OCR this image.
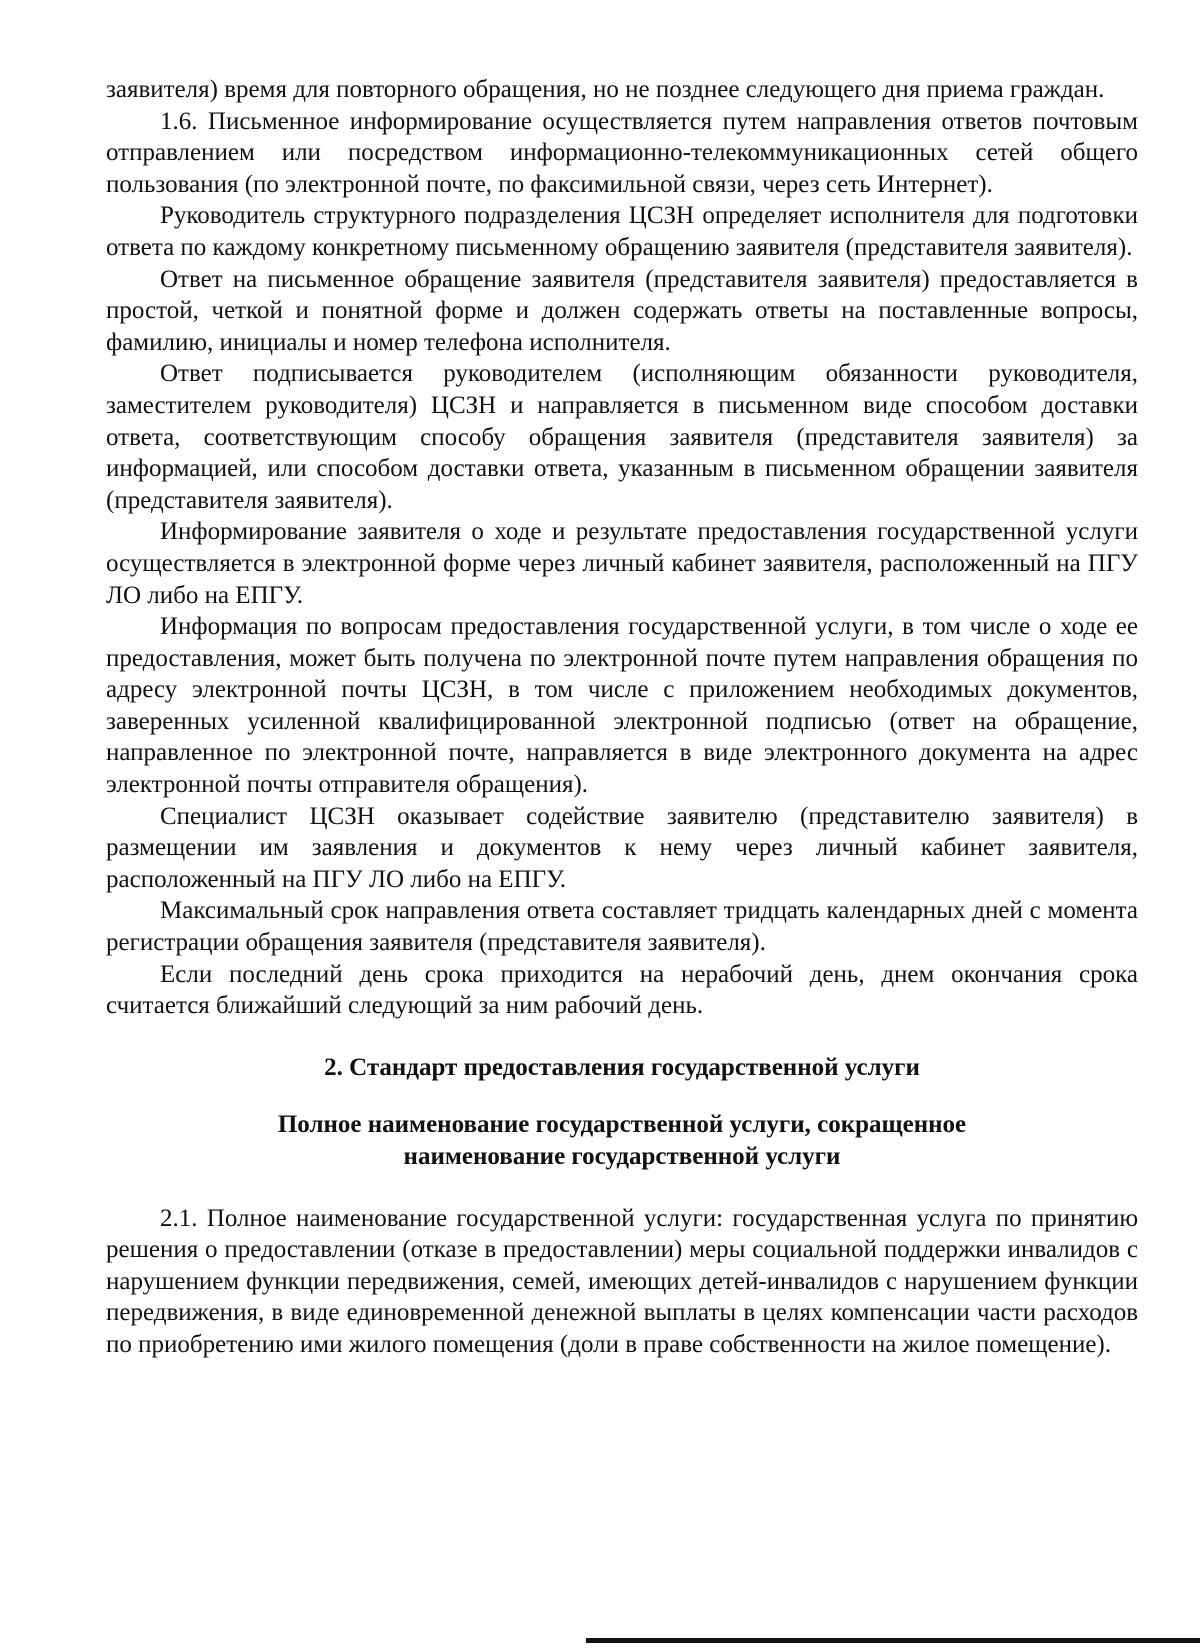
заявителя) время для повторного обращения, но не позднее следующего дня приема граждан.

1.6. Письменное информирование осуществляется путем направления ответов почтовым отправлением или посредством информационно-телекоммуникационных сетей общего пользования (по электронной почте, по факсимильной связи, через сеть Интернет).

Руководитель структурного подразделения ЦСЗН определяет исполнителя для подготовки ответа по каждому конкретному письменному обращению заявителя (представителя заявителя).

Ответ на письменное обращение заявителя (представителя заявителя) предоставляется в простой, четкой и понятной форме и должен содержать ответы на поставленные вопросы, фамилию, инициалы и номер телефона исполнителя.

Ответ подписывается руководителем (исполняющим обязанности руководителя, заместителем руководителя) ЦСЗН и направляется в письменном виде способом доставки ответа, соответствующим способу обращения заявителя (представителя заявителя) за информацией, или способом доставки ответа, указанным в письменном обращении заявителя (представителя заявителя).

Информирование заявителя о ходе и результате предоставления государственной услуги осуществляется в электронной форме через личный кабинет заявителя, расположенный на ПГУ ЛО либо на ЕПГУ.

Информация по вопросам предоставления государственной услуги, в том числе о ходе ее предоставления, может быть получена по электронной почте путем направления обращения по адресу электронной почты ЦСЗН, в том числе с приложением необходимых документов, заверенных усиленной квалифицированной электронной подписью (ответ на обращение, направленное по электронной почте, направляется в виде электронного документа на адрес электронной почты отправителя обращения).

Специалист ЦСЗН оказывает содействие заявителю (представителю заявителя) в размещении им заявления и документов к нему через личный кабинет заявителя, расположенный на ПГУ ЛО либо на ЕПГУ.

Максимальный срок направления ответа составляет тридцать календарных дней с момента регистрации обращения заявителя (представителя заявителя).

Если последний день срока приходится на нерабочий день, днем окончания срока считается ближайший следующий за ним рабочий день.

2. Стандарт предоставления государственной услуги
Полное наименование государственной услуги, сокращенное
наименование государственной услуги

2.1. Полное наименование государственной услуги: государственная услуга по принятию решения о предоставлении (отказе в предоставлении) меры социальной поддержки инвалидов с нарушением функции передвижения, семей, имеющих детей-инвалидов с нарушением функции передвижения, в виде единовременной денежной выплаты в целях компенсации части расходов по приобретению ими жилого помещения (доли в праве собственности на жилое помещение).
